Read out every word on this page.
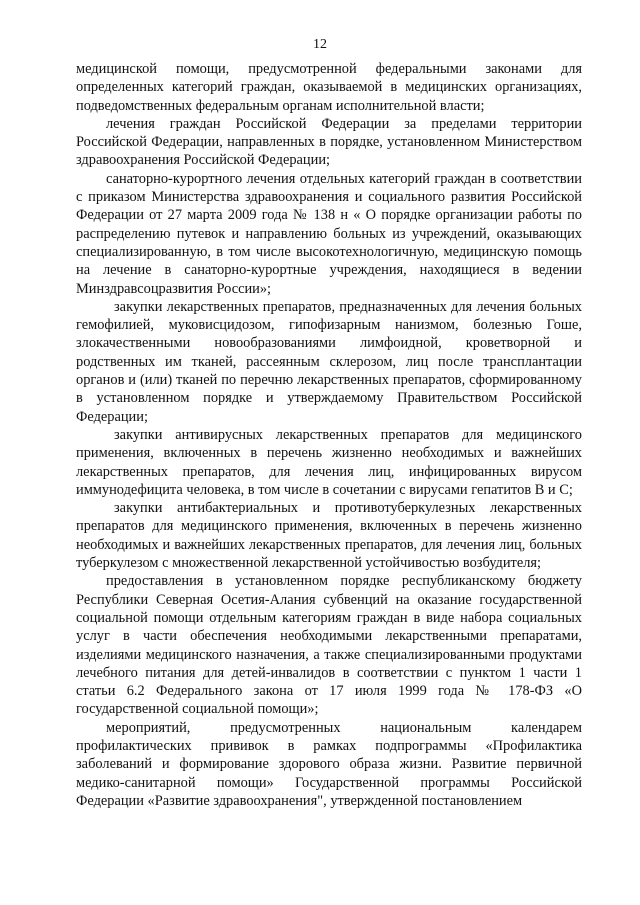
12

медицинской помощи, предусмотренной федеральными законами для определенных категорий граждан, оказываемой в медицинских организациях, подведомственных федеральным органам исполнительной власти;

лечения граждан Российской Федерации за пределами территории Российской Федерации, направленных в порядке, установленном Министерством здравоохранения Российской Федерации;

санаторно-курортного лечения отдельных категорий граждан в соответствии с приказом Министерства здравоохранения и социального развития Российской Федерации от 27 марта 2009 года № 138 н « О порядке организации работы по распределению путевок и направлению больных из учреждений, оказывающих специализированную, в том числе высокотехнологичную, медицинскую помощь на лечение в санаторно-курортные учреждения, находящиеся в ведении Минздравсоцразвития России»;

закупки лекарственных препаратов, предназначенных для лечения больных гемофилией, муковисцидозом, гипофизарным нанизмом, болезнью Гоше, злокачественными новообразованиями лимфоидной, кроветворной и родственных им тканей, рассеянным склерозом, лиц после трансплантации органов и (или) тканей по перечню лекарственных препаратов, сформированному в установленном порядке и утверждаемому Правительством Российской Федерации;

закупки антивирусных лекарственных препаратов для медицинского применения, включенных в перечень жизненно необходимых и важнейших лекарственных препаратов, для лечения лиц, инфицированных вирусом иммунодефицита человека, в том числе в сочетании с вирусами гепатитов В и С;

закупки антибактериальных и противотуберкулезных лекарственных препаратов для медицинского применения, включенных в перечень жизненно необходимых и важнейших лекарственных препаратов, для лечения лиц, больных туберкулезом с множественной лекарственной устойчивостью возбудителя;

предоставления в установленном порядке республиканскому бюджету Республики Северная Осетия-Алания субвенций на оказание государственной социальной помощи отдельным категориям граждан в виде набора социальных услуг в части обеспечения необходимыми лекарственными препаратами, изделиями медицинского назначения, а также специализированными продуктами лечебного питания для детей-инвалидов в соответствии с пунктом 1 части 1 статьи 6.2 Федерального закона от 17 июля 1999 года № 178-ФЗ «О государственной социальной помощи»;

мероприятий, предусмотренных национальным календарем профилактических прививок в рамках подпрограммы «Профилактика заболеваний и формирование здорового образа жизни. Развитие первичной медико-санитарной помощи» Государственной программы Российской Федерации «Развитие здравоохранения", утвержденной постановлением
